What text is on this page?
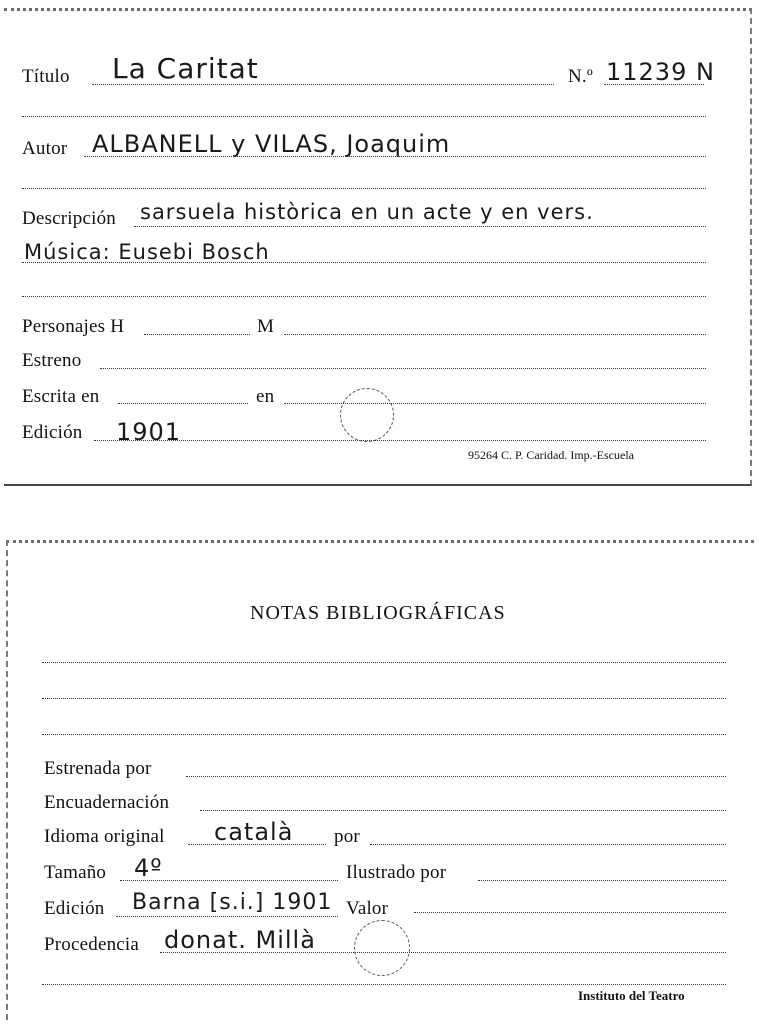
Título La Caritat	N.º 11239 N
Autor ALBANELL y VILAS, Joaquim
Descripción sarsuela històrica en un acte y en vers.
Música: Eusebi Bosch
Personajes H	M
Estreno
Escrita en	en
Edición 1901
95264 C. P. Caridad. Imp.-Escuela
NOTAS BIBLIOGRÁFICAS
Estrenada por
Encuadernación
Idioma original català por
Tamaño 4º	Ilustrado por
Edición Barna [s.i.] 1901 Valor
Procedencia donat. Millà
Instituto del Teatro
